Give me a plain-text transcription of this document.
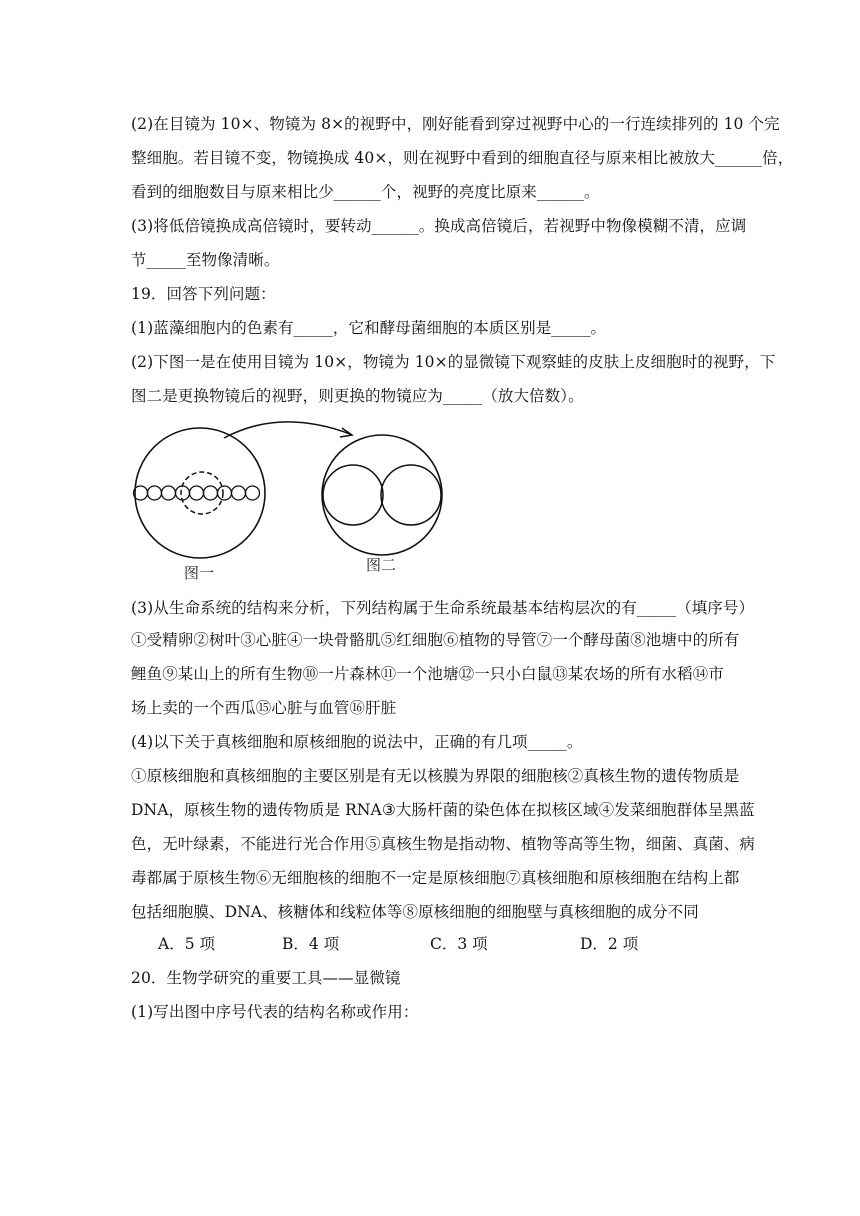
(2)在目镜为 10×、物镜为 8×的视野中，刚好能看到穿过视野中心的一行连续排列的 10 个完
整细胞。若目镜不变，物镜换成 40×，则在视野中看到的细胞直径与原来相比被放大______倍，
看到的细胞数目与原来相比少______个，视野的亮度比原来______。
(3)将低倍镜换成高倍镜时，要转动______。换成高倍镜后，若视野中物像模糊不清，应调
节_____至物像清晰。
19．回答下列问题：
(1)蓝藻细胞内的色素有_____，它和酵母菌细胞的本质区别是_____。
(2)下图一是在使用目镜为 10×，物镜为 10×的显微镜下观察蛙的皮肤上皮细胞时的视野，下
图二是更换物镜后的视野，则更换的物镜应为_____（放大倍数）。
图一	图二
(3)从生命系统的结构来分析，下列结构属于生命系统最基本结构层次的有_____（填序号）
①受精卵②树叶③心脏④一块骨骼肌⑤红细胞⑥植物的导管⑦一个酵母菌⑧池塘中的所有
鲤鱼⑨某山上的所有生物⑩一片森林⑪一个池塘⑫一只小白鼠⑬某农场的所有水稻⑭市
场上卖的一个西瓜⑮心脏与血管⑯肝脏
(4)以下关于真核细胞和原核细胞的说法中，正确的有几项_____。
①原核细胞和真核细胞的主要区别是有无以核膜为界限的细胞核②真核生物的遗传物质是
DNA，原核生物的遗传物质是 RNA③大肠杆菌的染色体在拟核区域④发菜细胞群体呈黑蓝
色，无叶绿素，不能进行光合作用⑤真核生物是指动物、植物等高等生物，细菌、真菌、病
毒都属于原核生物⑥无细胞核的细胞不一定是原核细胞⑦真核细胞和原核细胞在结构上都
包括细胞膜、DNA、核糖体和线粒体等⑧原核细胞的细胞壁与真核细胞的成分不同
A．5 项	B．4 项	C．3 项	D．2 项
20．生物学研究的重要工具——显微镜
(1)写出图中序号代表的结构名称或作用：
